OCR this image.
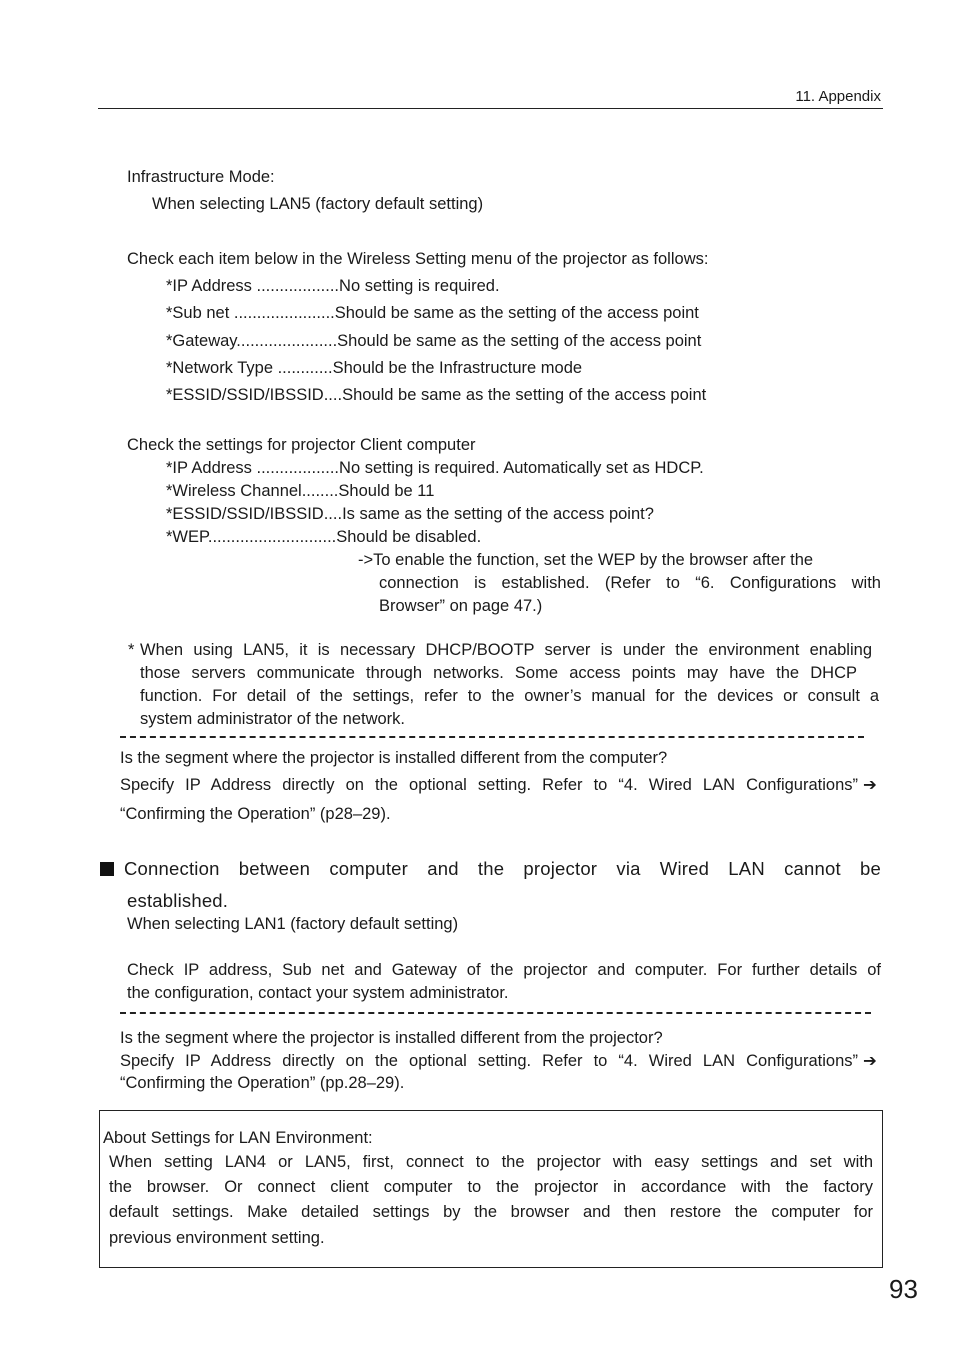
11. Appendix
Infrastructure Mode:
When selecting LAN5 (factory default setting)
Check each item below in the Wireless Setting menu of the projector as follows:
*IP Address ..................No setting is required.
*Sub net ......................Should be same as the setting of the access point
*Gateway......................Should be same as the setting of the access point
*Network Type ............Should be the Infrastructure mode
*ESSID/SSID/IBSSID....Should be same as the setting of the access point
Check the settings for projector Client computer
*IP Address ..................No setting is required. Automatically set as HDCP.
*Wireless Channel........Should be 11
*ESSID/SSID/IBSSID....Is same as the setting of the access point?
*WEP............................Should be disabled.
->To enable the function, set the WEP by the browser after the
connection is established. (Refer to “6. Configurations with
Browser” on page 47.)
* When using LAN5, it is necessary DHCP/BOOTP server is under the environment enabling
those servers communicate through networks. Some access points may have the DHCP
function. For detail of the settings, refer to the owner’s manual for the devices or consult a
system administrator of the network.
Is the segment where the projector is installed different from the computer?
Specify IP Address directly on the optional setting. Refer to “4. Wired LAN Configurations” ➔
“Confirming the Operation” (p28–29).
Connection between computer and the projector via Wired LAN cannot be
established.
When selecting LAN1 (factory default setting)
Check IP address, Sub net and Gateway of the projector and computer. For further details of
the configuration, contact your system administrator.
Is the segment where the projector is installed different from the projector?
Specify IP Address directly on the optional setting. Refer to “4. Wired LAN Configurations” ➔
“Confirming the Operation” (pp.28–29).
About Settings for LAN Environment:
When setting LAN4 or LAN5, first, connect to the projector with easy settings and set with
the browser. Or connect client computer to the projector in accordance with the factory
default settings. Make detailed settings by the browser and then restore the computer for
previous environment setting.
93
